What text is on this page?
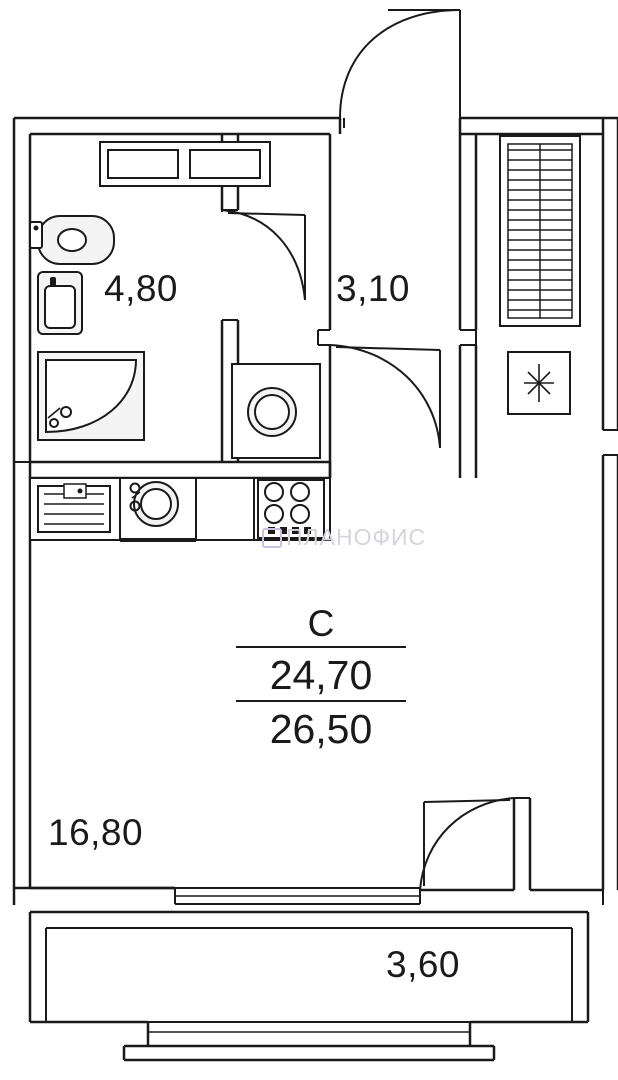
4,80	3,10
16,80
3,60
C
24,70
26,50
ПЛАНОФИС
